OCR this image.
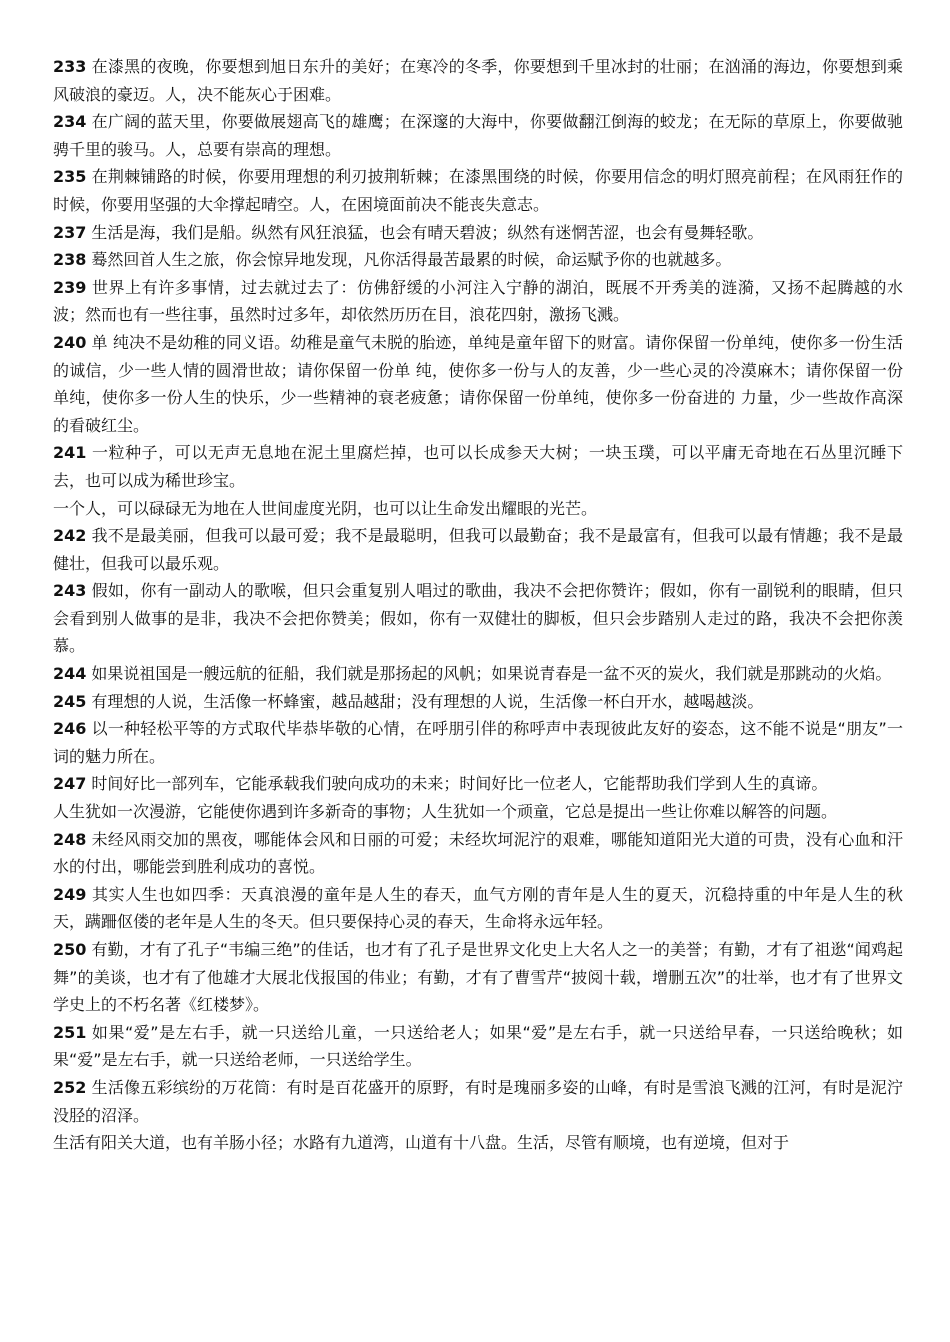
233 在漆黑的夜晚，你要想到旭日东升的美好；在寒冷的冬季，你要想到千里冰封的壮丽；在汹涌的海边，你要想到乘风破浪的豪迈。人，决不能灰心于困难。

234 在广阔的蓝天里，你要做展翅高飞的雄鹰；在深邃的大海中，你要做翻江倒海的蛟龙；在无际的草原上，你要做驰骋千里的骏马。人，总要有崇高的理想。

235 在荆棘铺路的时候，你要用理想的利刃披荆斩棘；在漆黑围绕的时候，你要用信念的明灯照亮前程；在风雨狂作的时候，你要用坚强的大伞撑起晴空。人，在困境面前决不能丧失意志。

237 生活是海，我们是船。纵然有风狂浪猛，也会有晴天碧波；纵然有迷惘苦涩，也会有曼舞轻歌。

238 蓦然回首人生之旅，你会惊异地发现，凡你活得最苦最累的时候，命运赋予你的也就越多。

239 世界上有许多事情，过去就过去了：仿佛舒缓的小河注入宁静的湖泊，既展不开秀美的涟漪，又扬不起腾越的水波；然而也有一些往事，虽然时过多年，却依然历历在目，浪花四射，激扬飞溅。

240 单 纯决不是幼稚的同义语。幼稚是童气未脱的胎迹，单纯是童年留下的财富。请你保留一份单纯，使你多一份生活的诚信，少一些人情的圆滑世故；请你保留一份单 纯，使你多一份与人的友善，少一些心灵的冷漠麻木；请你保留一份单纯，使你多一份人生的快乐，少一些精神的衰老疲惫；请你保留一份单纯，使你多一份奋进的 力量，少一些故作高深的看破红尘。

241 一粒种子，可以无声无息地在泥土里腐烂掉，也可以长成参天大树；一块玉璞，可以平庸无奇地在石丛里沉睡下去，也可以成为稀世珍宝。

一个人，可以碌碌无为地在人世间虚度光阴，也可以让生命发出耀眼的光芒。

242 我不是最美丽，但我可以最可爱；我不是最聪明，但我可以最勤奋；我不是最富有，但我可以最有情趣；我不是最健壮，但我可以最乐观。

243 假如，你有一副动人的歌喉，但只会重复别人唱过的歌曲，我决不会把你赞许；假如，你有一副锐利的眼睛，但只会看到别人做事的是非，我决不会把你赞美；假如，你有一双健壮的脚板，但只会步踏别人走过的路，我决不会把你羡慕。

244 如果说祖国是一艘远航的征船，我们就是那扬起的风帆；如果说青春是一盆不灭的炭火，我们就是那跳动的火焰。

245 有理想的人说，生活像一杯蜂蜜，越品越甜；没有理想的人说，生活像一杯白开水，越喝越淡。

246 以一种轻松平等的方式取代毕恭毕敬的心情，在呼朋引伴的称呼声中表现彼此友好的姿态，这不能不说是“朋友”一词的魅力所在。

247 时间好比一部列车，它能承载我们驶向成功的未来；时间好比一位老人，它能帮助我们学到人生的真谛。

人生犹如一次漫游，它能使你遇到许多新奇的事物；人生犹如一个顽童，它总是提出一些让你难以解答的问题。

248 未经风雨交加的黑夜，哪能体会风和日丽的可爱；未经坎坷泥泞的艰难，哪能知道阳光大道的可贵，没有心血和汗水的付出，哪能尝到胜利成功的喜悦。

249 其实人生也如四季：天真浪漫的童年是人生的春天，血气方刚的青年是人生的夏天，沉稳持重的中年是人生的秋天，蹒跚伛偻的老年是人生的冬天。但只要保持心灵的春天，生命将永远年轻。

250 有勤，才有了孔子“韦编三绝”的佳话，也才有了孔子是世界文化史上大名人之一的美誉；有勤，才有了祖逖“闻鸡起舞”的美谈，也才有了他雄才大展北伐报国的伟业；有勤，才有了曹雪芹“披阅十载，增删五次”的壮举，也才有了世界文学史上的不朽名著《红楼梦》。

251 如果“爱”是左右手，就一只送给儿童，一只送给老人；如果“爱”是左右手，就一只送给早春，一只送给晚秋；如果“爱”是左右手，就一只送给老师，一只送给学生。

252 生活像五彩缤纷的万花筒：有时是百花盛开的原野，有时是瑰丽多姿的山峰，有时是雪浪飞溅的江河，有时是泥泞没胫的沼泽。

生活有阳关大道，也有羊肠小径；水路有九道湾，山道有十八盘。生活，尽管有顺境，也有逆境，但对于
